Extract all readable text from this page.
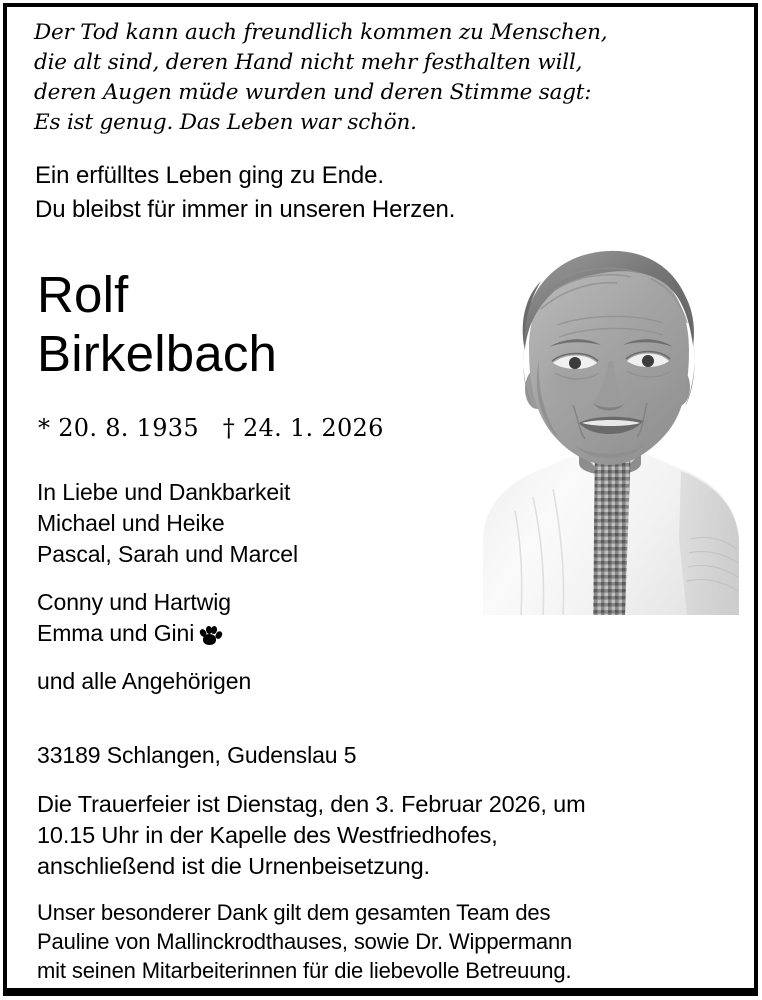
Der Tod kann auch freundlich kommen zu Menschen,
die alt sind, deren Hand nicht mehr festhalten will,
deren Augen müde wurden und deren Stimme sagt:
Es ist genug. Das Leben war schön.
Ein erfülltes Leben ging zu Ende.
Du bleibst für immer in unseren Herzen.
Rolf
Birkelbach
* 20. 8. 1935   † 24. 1. 2026
In Liebe und Dankbarkeit
Michael und Heike
Pascal, Sarah und Marcel
Conny und Hartwig
Emma und Gini
und alle Angehörigen
33189 Schlangen, Gudenslau 5
Die Trauerfeier ist Dienstag, den 3. Februar 2026, um
10.15 Uhr in der Kapelle des Westfriedhofes,
anschließend ist die Urnenbeisetzung.
Unser besonderer Dank gilt dem gesamten Team des
Pauline von Mallinckrodthauses, sowie Dr. Wippermann
mit seinen Mitarbeiterinnen für die liebevolle Betreuung.
